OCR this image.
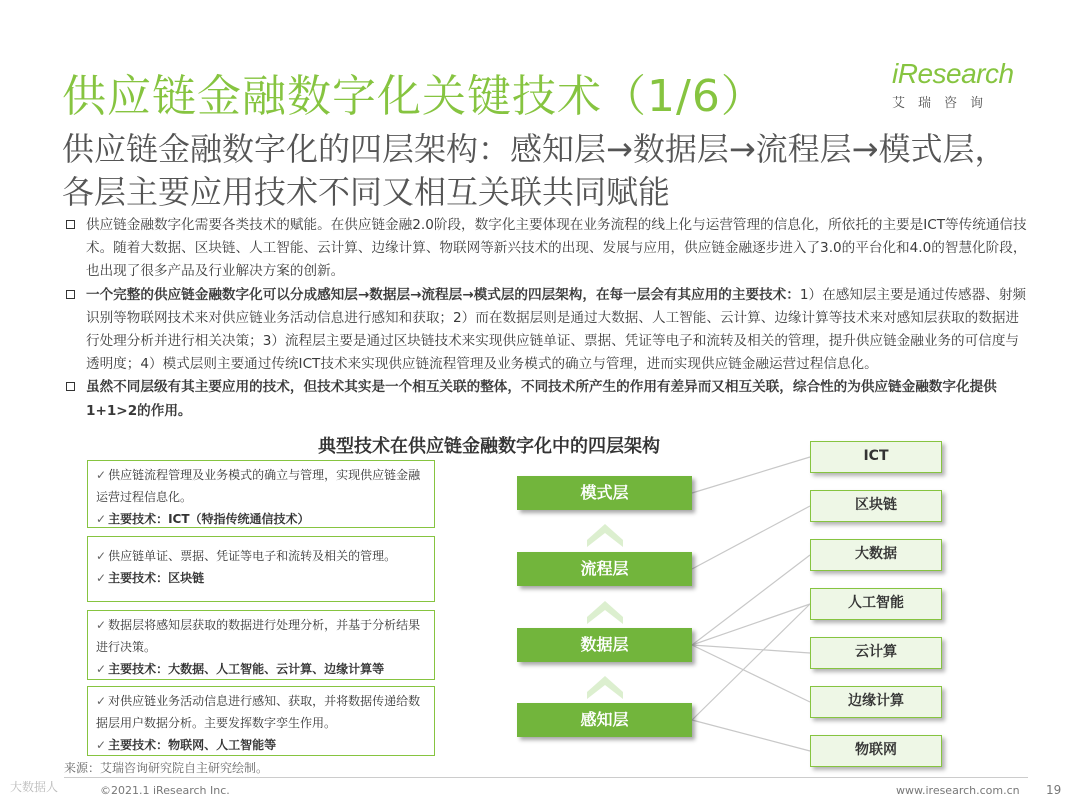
供应链金融数字化关键技术（1/6）	iResearch
艾瑞咨询
供应链金融数字化的四层架构：感知层→数据层→流程层→模式层，各层主要应用技术不同又相互关联共同赋能
供应链金融数字化需要各类技术的赋能。在供应链金融2.0阶段，数字化主要体现在业务流程的线上化与运营管理的信息化，所依托的主要是ICT等传统通信技术。随着大数据、区块链、人工智能、云计算、边缘计算、物联网等新兴技术的出现、发展与应用，供应链金融逐步进入了3.0的平台化和4.0的智慧化阶段，也出现了很多产品及行业解决方案的创新。
一个完整的供应链金融数字化可以分成感知层→数据层→流程层→模式层的四层架构，在每一层会有其应用的主要技术：1）在感知层主要是通过传感器、射频识别等物联网技术来对供应链业务活动信息进行感知和获取；2）而在数据层则是通过大数据、人工智能、云计算、边缘计算等技术来对感知层获取的数据进行处理分析并进行相关决策；3）流程层主要是通过区块链技术来实现供应链单证、票据、凭证等电子和流转及相关的管理，提升供应链金融业务的可信度与透明度；4）模式层则主要通过传统ICT技术来实现供应链流程管理及业务模式的确立与管理，进而实现供应链金融运营过程信息化。
虽然不同层级有其主要应用的技术，但技术其实是一个相互关联的整体，不同技术所产生的作用有差异而又相互关联，综合性的为供应链金融数字化提供1+1>2的作用。
典型技术在供应链金融数字化中的四层架构
✓ 供应链流程管理及业务模式的确立与管理，实现供应链金融运营过程信息化。
✓ 主要技术：ICT（特指传统通信技术）
✓ 供应链单证、票据、凭证等电子和流转及相关的管理。
✓ 主要技术：区块链
✓ 数据层将感知层获取的数据进行处理分析，并基于分析结果进行决策。
✓ 主要技术：大数据、人工智能、云计算、边缘计算等
✓ 对供应链业务活动信息进行感知、获取，并将数据传递给数据层用户数据分析。主要发挥数字孪生作用。
✓ 主要技术：物联网、人工智能等
模式层
流程层
数据层
感知层
ICT
区块链
大数据
人工智能
云计算
边缘计算
物联网
来源：艾瑞咨询研究院自主研究绘制。
大数据人	©2021.1 iResearch Inc.	www.iresearch.com.cn 19
